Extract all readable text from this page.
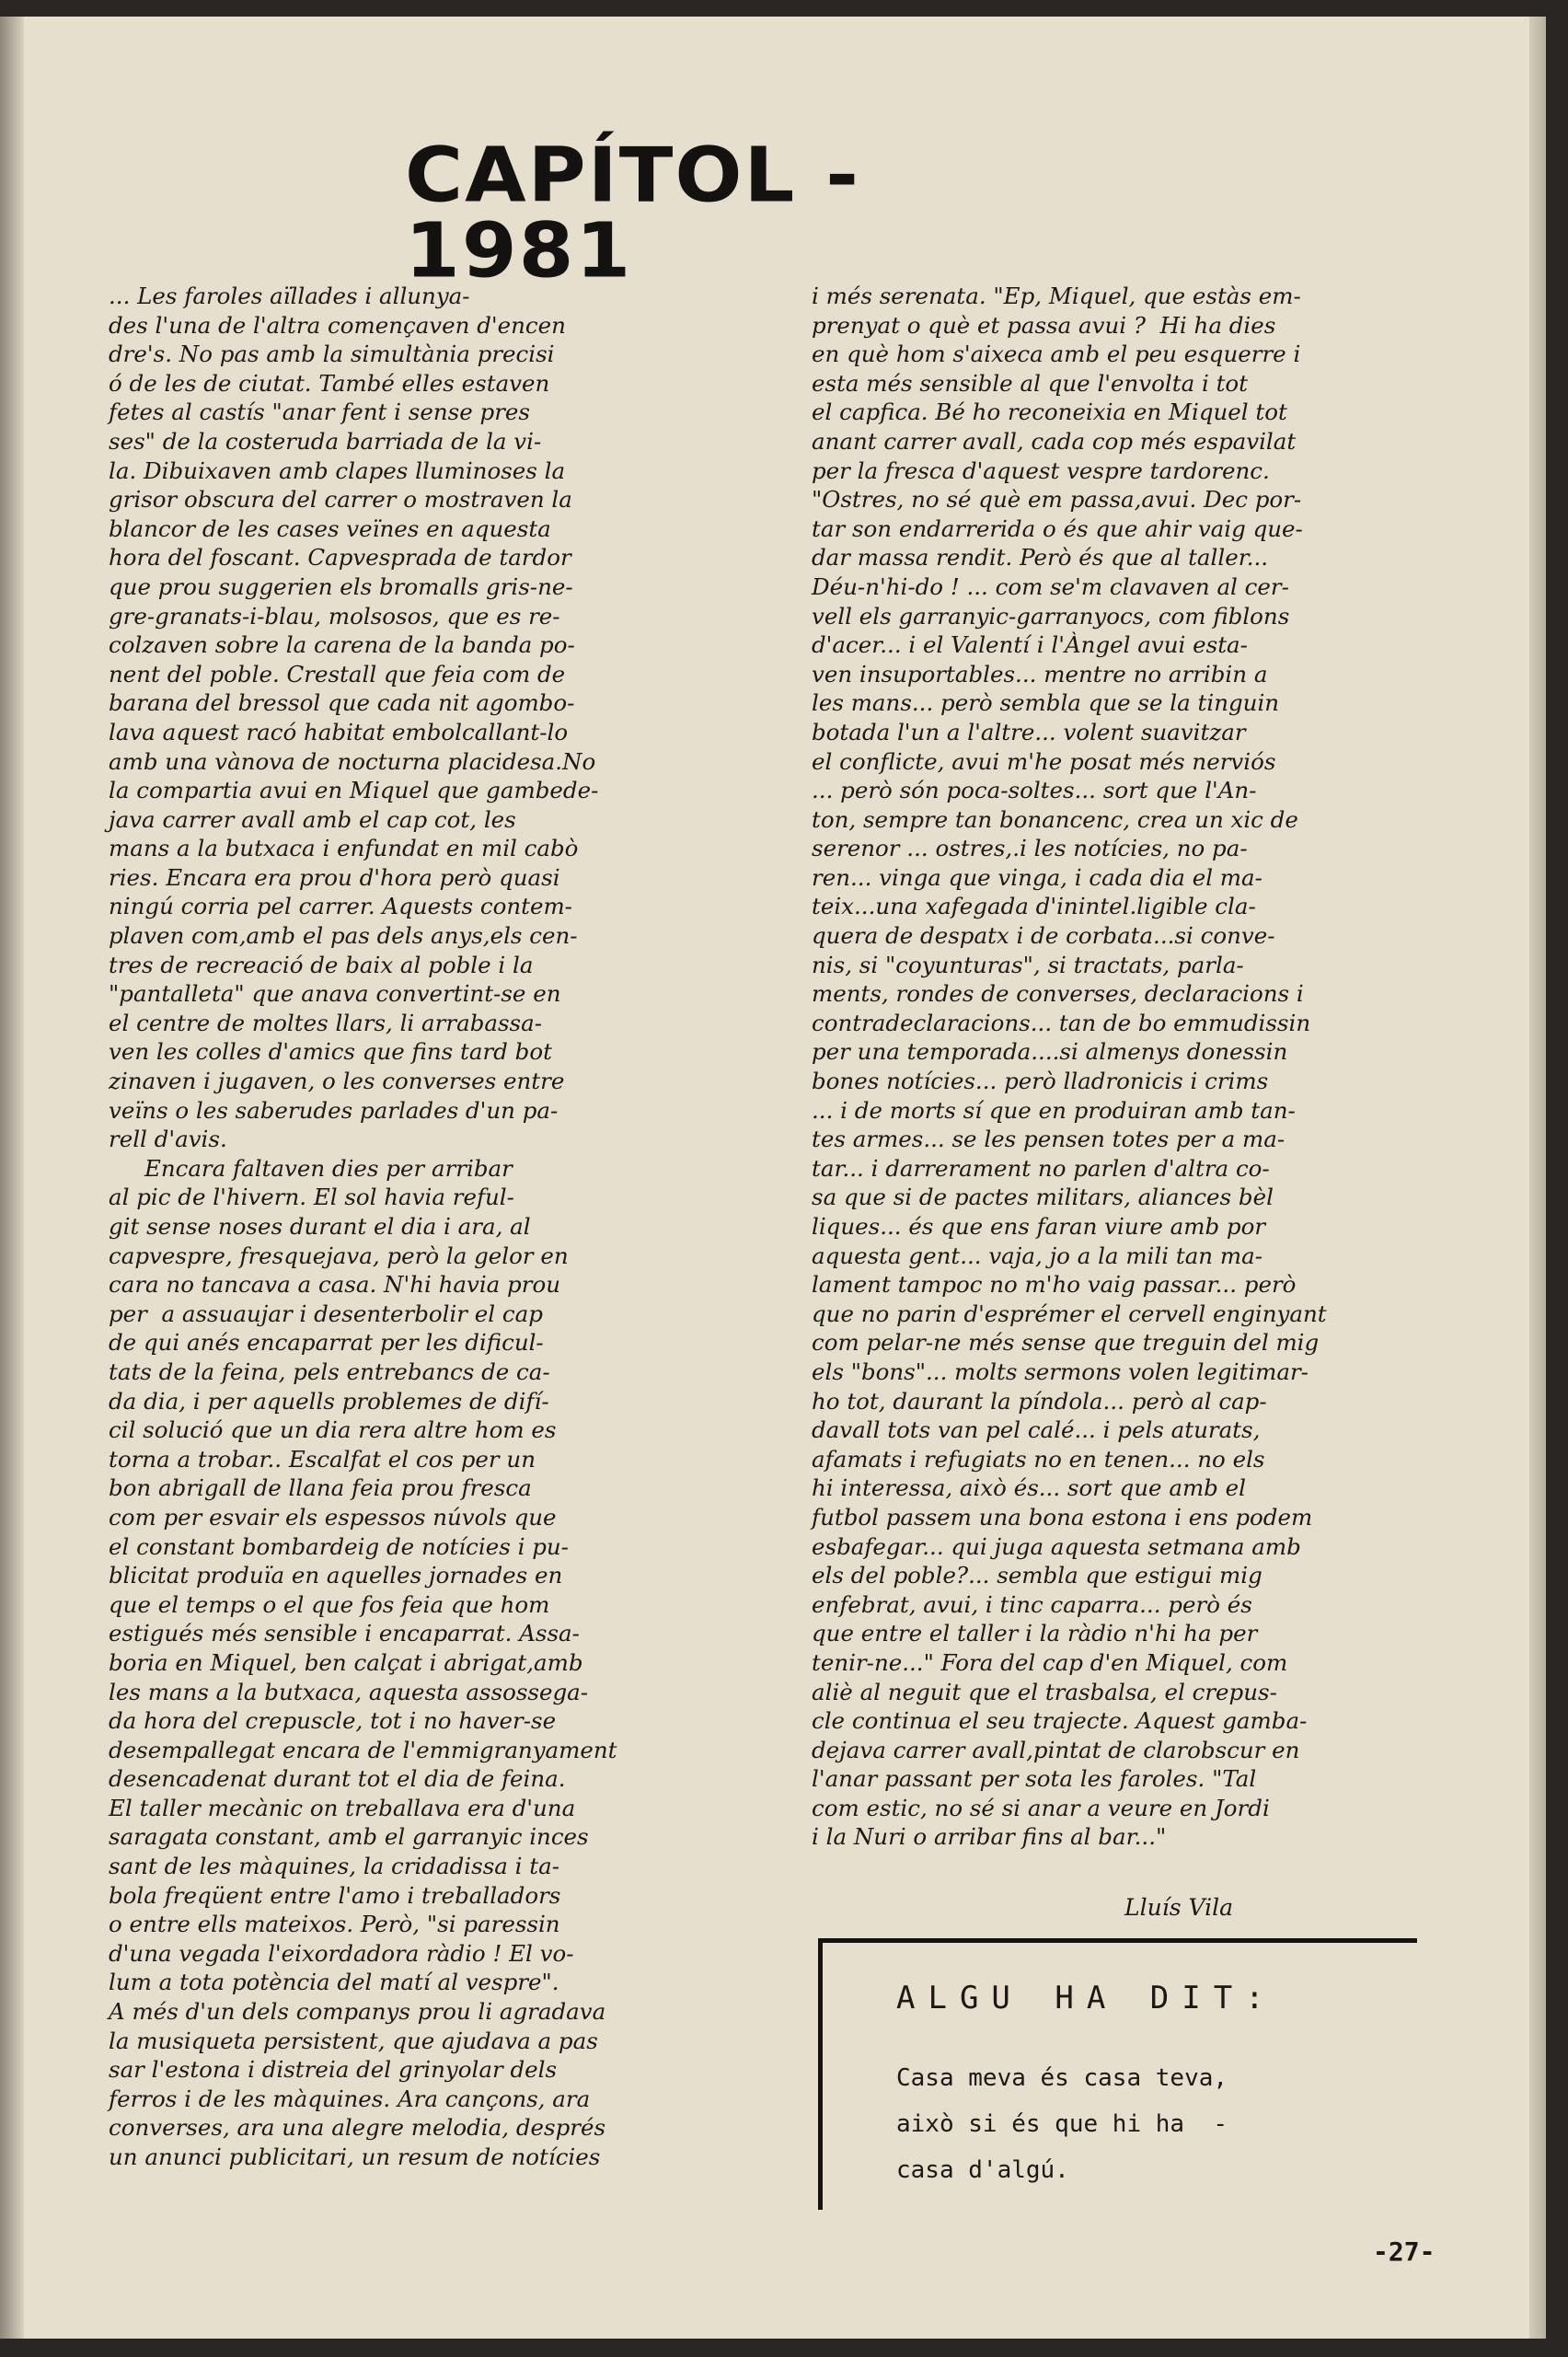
CAPÍTOL - 1981
... Les faroles aïllades i allunya-
des l'una de l'altra començaven d'encen
dre's. No pas amb la simultània precisi
ó de les de ciutat. També elles estaven
fetes al castís "anar fent i sense pres
ses" de la costeruda barriada de la vi-
la. Dibuixaven amb clapes lluminoses la
grisor obscura del carrer o mostraven la
blancor de les cases veïnes en aquesta
hora del foscant. Capvesprada de tardor
que prou suggerien els bromalls gris-ne-
gre-granats-i-blau, molsosos, que es re-
colzaven sobre la carena de la banda po-
nent del poble. Crestall que feia com de
barana del bressol que cada nit agombo-
lava aquest racó habitat embolcallant-lo
amb una vànova de nocturna placidesa.No
la compartia avui en Miquel que gambede-
java carrer avall amb el cap cot, les
mans a la butxaca i enfundat en mil cabò
ries. Encara era prou d'hora però quasi
ningú corria pel carrer. Aquests contem-
plaven com,amb el pas dels anys,els cen-
tres de recreació de baix al poble i la
"pantalleta" que anava convertint-se en
el centre de moltes llars, li arrabassa-
ven les colles d'amics que fins tard bot
zinaven i jugaven, o les converses entre
veïns o les saberudes parlades d'un pa-
rell d'avis.
Encara faltaven dies per arribar
al pic de l'hivern. El sol havia reful-
git sense noses durant el dia i ara, al
capvespre, fresquejava, però la gelor en
cara no tancava a casa. N'hi havia prou
per  a assuaujar i desenterbolir el cap
de qui anés encaparrat per les dificul-
tats de la feina, pels entrebancs de ca-
da dia, i per aquells problemes de difí-
cil solució que un dia rera altre hom es
torna a trobar.. Escalfat el cos per un
bon abrigall de llana feia prou fresca
com per esvair els espessos núvols que
el constant bombardeig de notícies i pu-
blicitat produïa en aquelles jornades en
que el temps o el que fos feia que hom
estigués més sensible i encaparrat. Assa-
boria en Miquel, ben calçat i abrigat,amb
les mans a la butxaca, aquesta assossega-
da hora del crepuscle, tot i no haver-se
desempallegat encara de l'emmigranyament
desencadenat durant tot el dia de feina.
El taller mecànic on treballava era d'una
saragata constant, amb el garranyic inces
sant de les màquines, la cridadissa i ta-
bola freqüent entre l'amo i treballadors
o entre ells mateixos. Però, "si paressin
d'una vegada l'eixordadora ràdio ! El vo-
lum a tota potència del matí al vespre".
A més d'un dels companys prou li agradava
la musiqueta persistent, que ajudava a pas
sar l'estona i distreia del grinyolar dels
ferros i de les màquines. Ara cançons, ara
converses, ara una alegre melodia, després
un anunci publicitari, un resum de notícies
i més serenata. "Ep, Miquel, que estàs em-
prenyat o què et passa avui ?  Hi ha dies
en què hom s'aixeca amb el peu esquerre i
esta més sensible al que l'envolta i tot
el capfica. Bé ho reconeixia en Miquel tot
anant carrer avall, cada cop més espavilat
per la fresca d'aquest vespre tardorenc.
"Ostres, no sé què em passa,avui. Dec por-
tar son endarrerida o és que ahir vaig que-
dar massa rendit. Però és que al taller...
Déu-n'hi-do ! ... com se'm clavaven al cer-
vell els garranyic-garranyocs, com fiblons
d'acer... i el Valentí i l'Àngel avui esta-
ven insuportables... mentre no arribin a
les mans... però sembla que se la tinguin
botada l'un a l'altre... volent suavitzar
el conflicte, avui m'he posat més nerviós
... però són poca-soltes... sort que l'An-
ton, sempre tan bonancenc, crea un xic de
serenor ... ostres,.i les notícies, no pa-
ren... vinga que vinga, i cada dia el ma-
teix...una xafegada d'inintel.ligible cla-
quera de despatx i de corbata...si conve-
nis, si "coyunturas", si tractats, parla-
ments, rondes de converses, declaracions i
contradeclaracions... tan de bo emmudissin
per una temporada....si almenys donessin
bones notícies... però lladronicis i crims
... i de morts sí que en produiran amb tan-
tes armes... se les pensen totes per a ma-
tar... i darrerament no parlen d'altra co-
sa que si de pactes militars, aliances bèl
liques... és que ens faran viure amb por
aquesta gent... vaja, jo a la mili tan ma-
lament tampoc no m'ho vaig passar... però
que no parin d'esprémer el cervell enginyant
com pelar-ne més sense que treguin del mig
els "bons"... molts sermons volen legitimar-
ho tot, daurant la píndola... però al cap-
davall tots van pel calé... i pels aturats,
afamats i refugiats no en tenen... no els
hi interessa, això és... sort que amb el
futbol passem una bona estona i ens podem
esbafegar... qui juga aquesta setmana amb
els del poble?... sembla que estigui mig
enfebrat, avui, i tinc caparra... però és
que entre el taller i la ràdio n'hi ha per
tenir-ne..." Fora del cap d'en Miquel, com
aliè al neguit que el trasbalsa, el crepus-
cle continua el seu trajecte. Aquest gamba-
dejava carrer avall,pintat de clarobscur en
l'anar passant per sota les faroles. "Tal
com estic, no sé si anar a veure en Jordi
i la Nuri o arribar fins al bar..."
Lluís Vila
ALGU HA DIT:
Casa meva és casa teva,
això si és que hi ha  -
casa d'algú.
-27-
